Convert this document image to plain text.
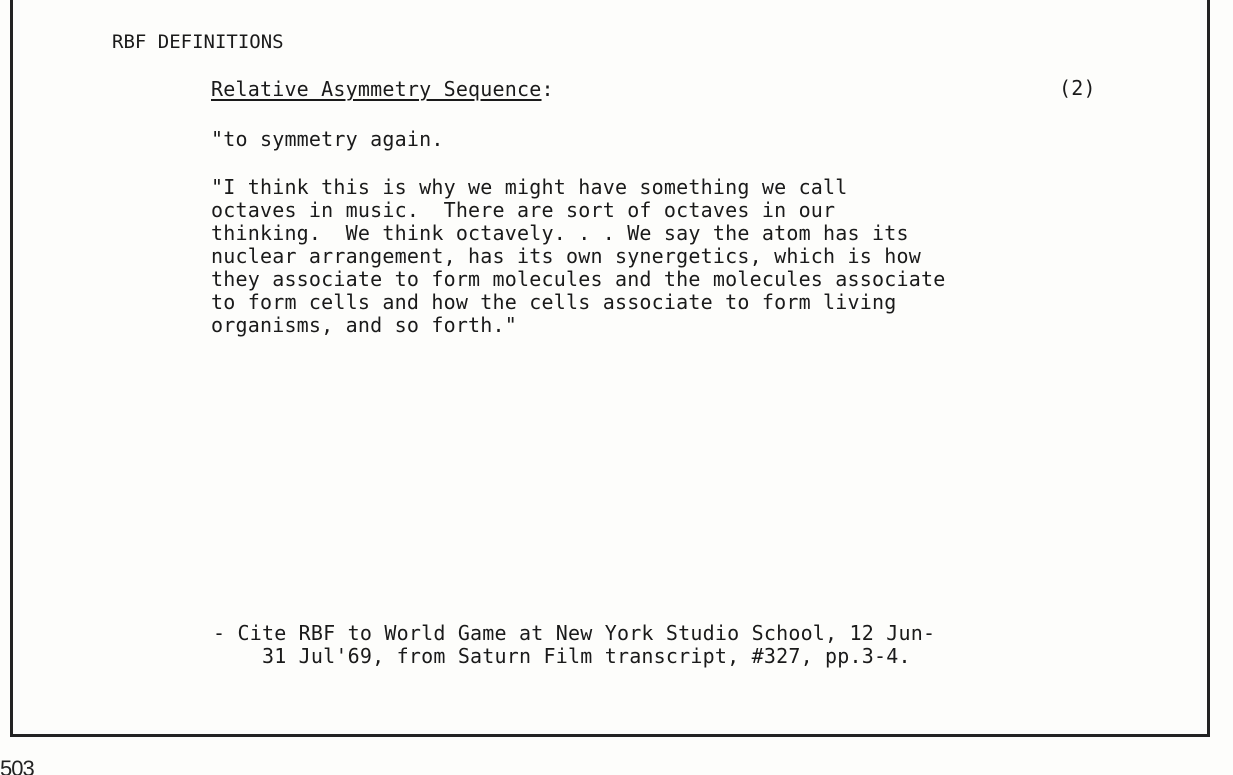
RBF DEFINITIONS
Relative Asymmetry Sequence:	(2)
"to symmetry again.
"I think this is why we might have something we call
octaves in music.  There are sort of octaves in our
thinking.  We think octavely. . . We say the atom has its
nuclear arrangement, has its own synergetics, which is how
they associate to form molecules and the molecules associate
to form cells and how the cells associate to form living
organisms, and so forth."
- Cite RBF to World Game at New York Studio School, 12 Jun-
31 Jul'69, from Saturn Film transcript, #327, pp.3-4.
503
